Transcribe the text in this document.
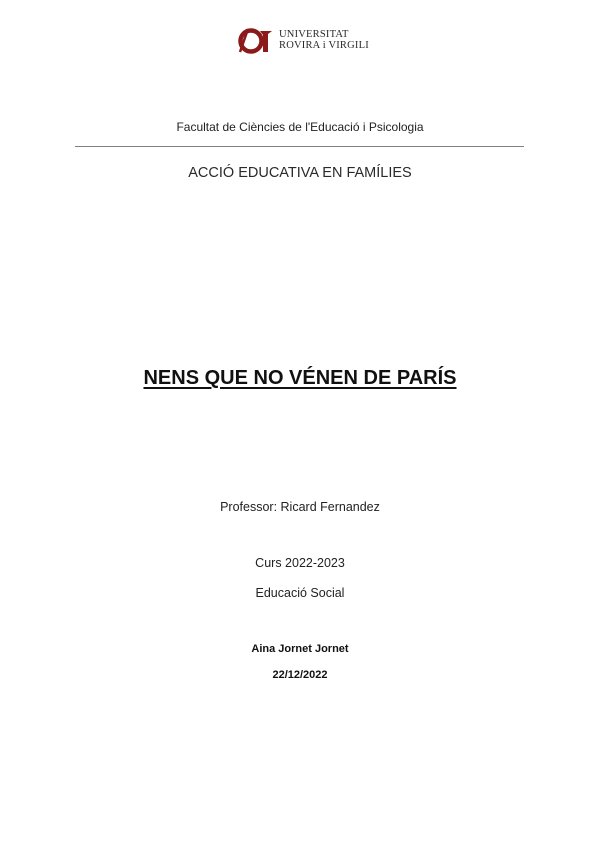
UNIVERSITAT
ROVIRA i VIRGILI
Facultat de Ciències de l'Educació i Psicologia
ACCIÓ EDUCATIVA EN FAMÍLIES
NENS QUE NO VÉNEN DE PARÍS
Professor: Ricard Fernandez
Curs 2022-2023
Educació Social
Aina Jornet Jornet
22/12/2022
